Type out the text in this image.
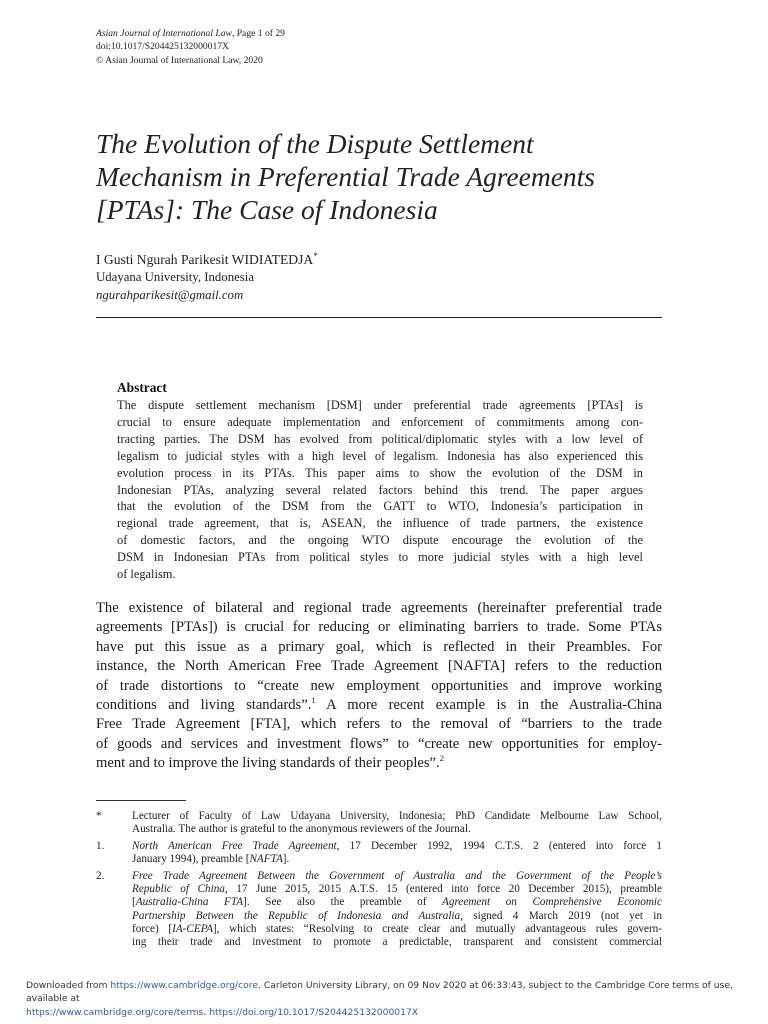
Asian Journal of International Law, Page 1 of 29
doi:10.1017/S204425132000017X
© Asian Journal of International Law, 2020
The Evolution of the Dispute Settlement
Mechanism in Preferential Trade Agreements
[PTAs]: The Case of Indonesia
I Gusti Ngurah Parikesit WIDIATEDJA*
Udayana University, Indonesia
ngurahparikesit@gmail.com
Abstract
The dispute settlement mechanism [DSM] under preferential trade agreements [PTAs] is
crucial to ensure adequate implementation and enforcement of commitments among con-
tracting parties. The DSM has evolved from political/diplomatic styles with a low level of
legalism to judicial styles with a high level of legalism. Indonesia has also experienced this
evolution process in its PTAs. This paper aims to show the evolution of the DSM in
Indonesian PTAs, analyzing several related factors behind this trend. The paper argues
that the evolution of the DSM from the GATT to WTO, Indonesia’s participation in
regional trade agreement, that is, ASEAN, the influence of trade partners, the existence
of domestic factors, and the ongoing WTO dispute encourage the evolution of the
DSM in Indonesian PTAs from political styles to more judicial styles with a high level
of legalism.
The existence of bilateral and regional trade agreements (hereinafter preferential trade
agreements [PTAs]) is crucial for reducing or eliminating barriers to trade. Some PTAs
have put this issue as a primary goal, which is reflected in their Preambles. For
instance, the North American Free Trade Agreement [NAFTA] refers to the reduction
of trade distortions to “create new employment opportunities and improve working
conditions and living standards”.$^1$ A more recent example is in the Australia-China
Free Trade Agreement [FTA], which refers to the removal of “barriers to the trade
of goods and services and investment flows” to “create new opportunities for employ-
ment and to improve the living standards of their peoples”.$^2$
*	Lecturer of Faculty of Law Udayana University, Indonesia; PhD Candidate Melbourne Law School,
Australia. The author is grateful to the anonymous reviewers of the Journal.
1.	North American Free Trade Agreement, 17 December 1992, 1994 C.T.S. 2 (entered into force 1
January 1994), preamble [NAFTA].
2.	Free Trade Agreement Between the Government of Australia and the Government of the People’s
Republic of China, 17 June 2015, 2015 A.T.S. 15 (entered into force 20 December 2015), preamble
[Australia-China FTA]. See also the preamble of Agreement on Comprehensive Economic
Partnership Between the Republic of Indonesia and Australia, signed 4 March 2019 (not yet in
force) [IA-CEPA], which states: “Resolving to create clear and mutually advantageous rules govern-
ing their trade and investment to promote a predictable, transparent and consistent commercial
Downloaded from https://www.cambridge.org/core. Carleton University Library, on 09 Nov 2020 at 06:33:43, subject to the Cambridge Core terms of use, available at
https://www.cambridge.org/core/terms. https://doi.org/10.1017/S204425132000017X
